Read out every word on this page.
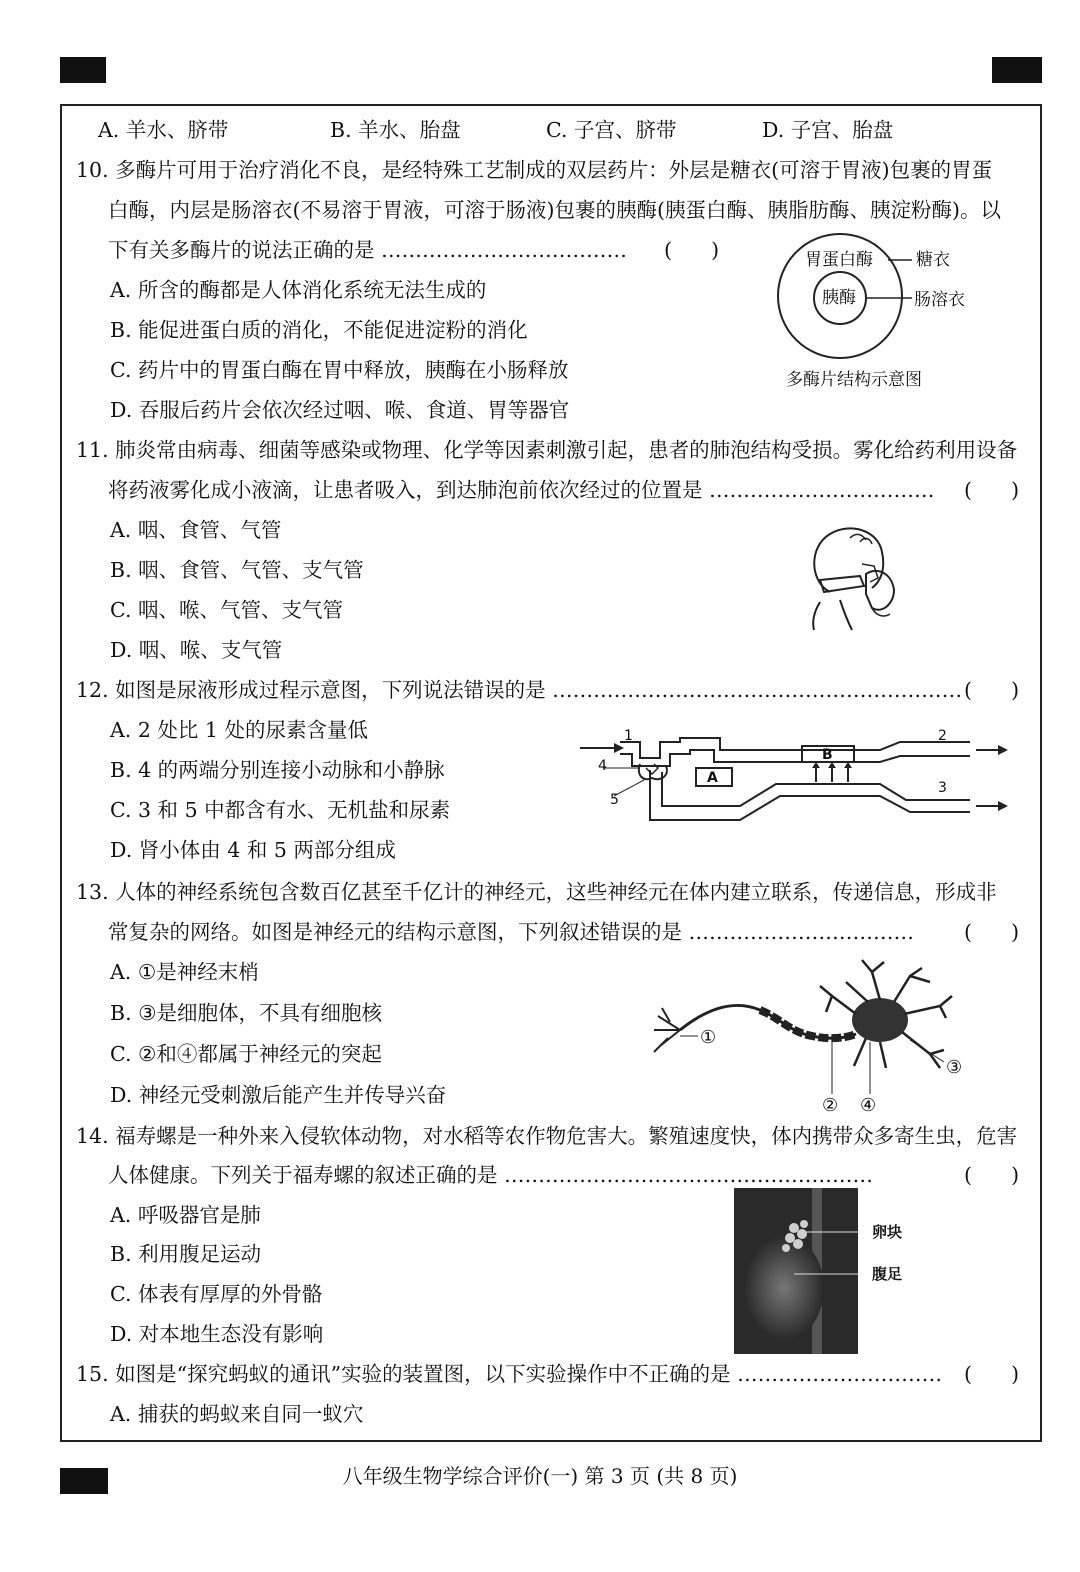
A. 羊水、脐带	B. 羊水、胎盘	C. 子宫、脐带	D. 子宫、胎盘
10. 多酶片可用于治疗消化不良，是经特殊工艺制成的双层药片：外层是糖衣(可溶于胃液)包裹的胃蛋
白酶，内层是肠溶衣(不易溶于胃液，可溶于肠液)包裹的胰酶(胰蛋白酶、胰脂肪酶、胰淀粉酶)。以
下有关多酶片的说法正确的是 ……………………………… (      )
A. 所含的酶都是人体消化系统无法生成的
B. 能促进蛋白质的消化，不能促进淀粉的消化
C. 药片中的胃蛋白酶在胃中释放，胰酶在小肠释放
D. 吞服后药片会依次经过咽、喉、食道、胃等器官
胃蛋白酶
胰酶
糖衣
肠溶衣
多酶片结构示意图
11. 肺炎常由病毒、细菌等感染或物理、化学等因素刺激引起，患者的肺泡结构受损。雾化给药利用设备
将药液雾化成小液滴，让患者吸入，到达肺泡前依次经过的位置是 …………………………… (      )
A. 咽、食管、气管
B. 咽、食管、气管、支气管
C. 咽、喉、气管、支气管
D. 咽、喉、支气管
12. 如图是尿液形成过程示意图，下列说法错误的是 …………………………………………………… (      )
A. 2 处比 1 处的尿素含量低
B. 4 的两端分别连接小动脉和小静脉
C. 3 和 5 中都含有水、无机盐和尿素
D. 肾小体由 4 和 5 两部分组成
1	2
3
4
5
A
B
13. 人体的神经系统包含数百亿甚至千亿计的神经元，这些神经元在体内建立联系，传递信息，形成非
常复杂的网络。如图是神经元的结构示意图，下列叙述错误的是 …………………………… (      )
A. ①是神经末梢
B. ③是细胞体，不具有细胞核
C. ②和④都属于神经元的突起
D. 神经元受刺激后能产生并传导兴奋
①
② ④
③
14. 福寿螺是一种外来入侵软体动物，对水稻等农作物危害大。繁殖速度快，体内携带众多寄生虫，危害
人体健康。下列关于福寿螺的叙述正确的是 ………………………………………………	(      )
A. 呼吸器官是肺
B. 利用腹足运动
C. 体表有厚厚的外骨骼
D. 对本地生态没有影响
卵块
腹足
15. 如图是“探究蚂蚁的通讯”实验的装置图，以下实验操作中不正确的是 ………………………… (      )
A. 捕获的蚂蚁来自同一蚁穴
八年级生物学综合评价(一) 第 3 页 (共 8 页)
